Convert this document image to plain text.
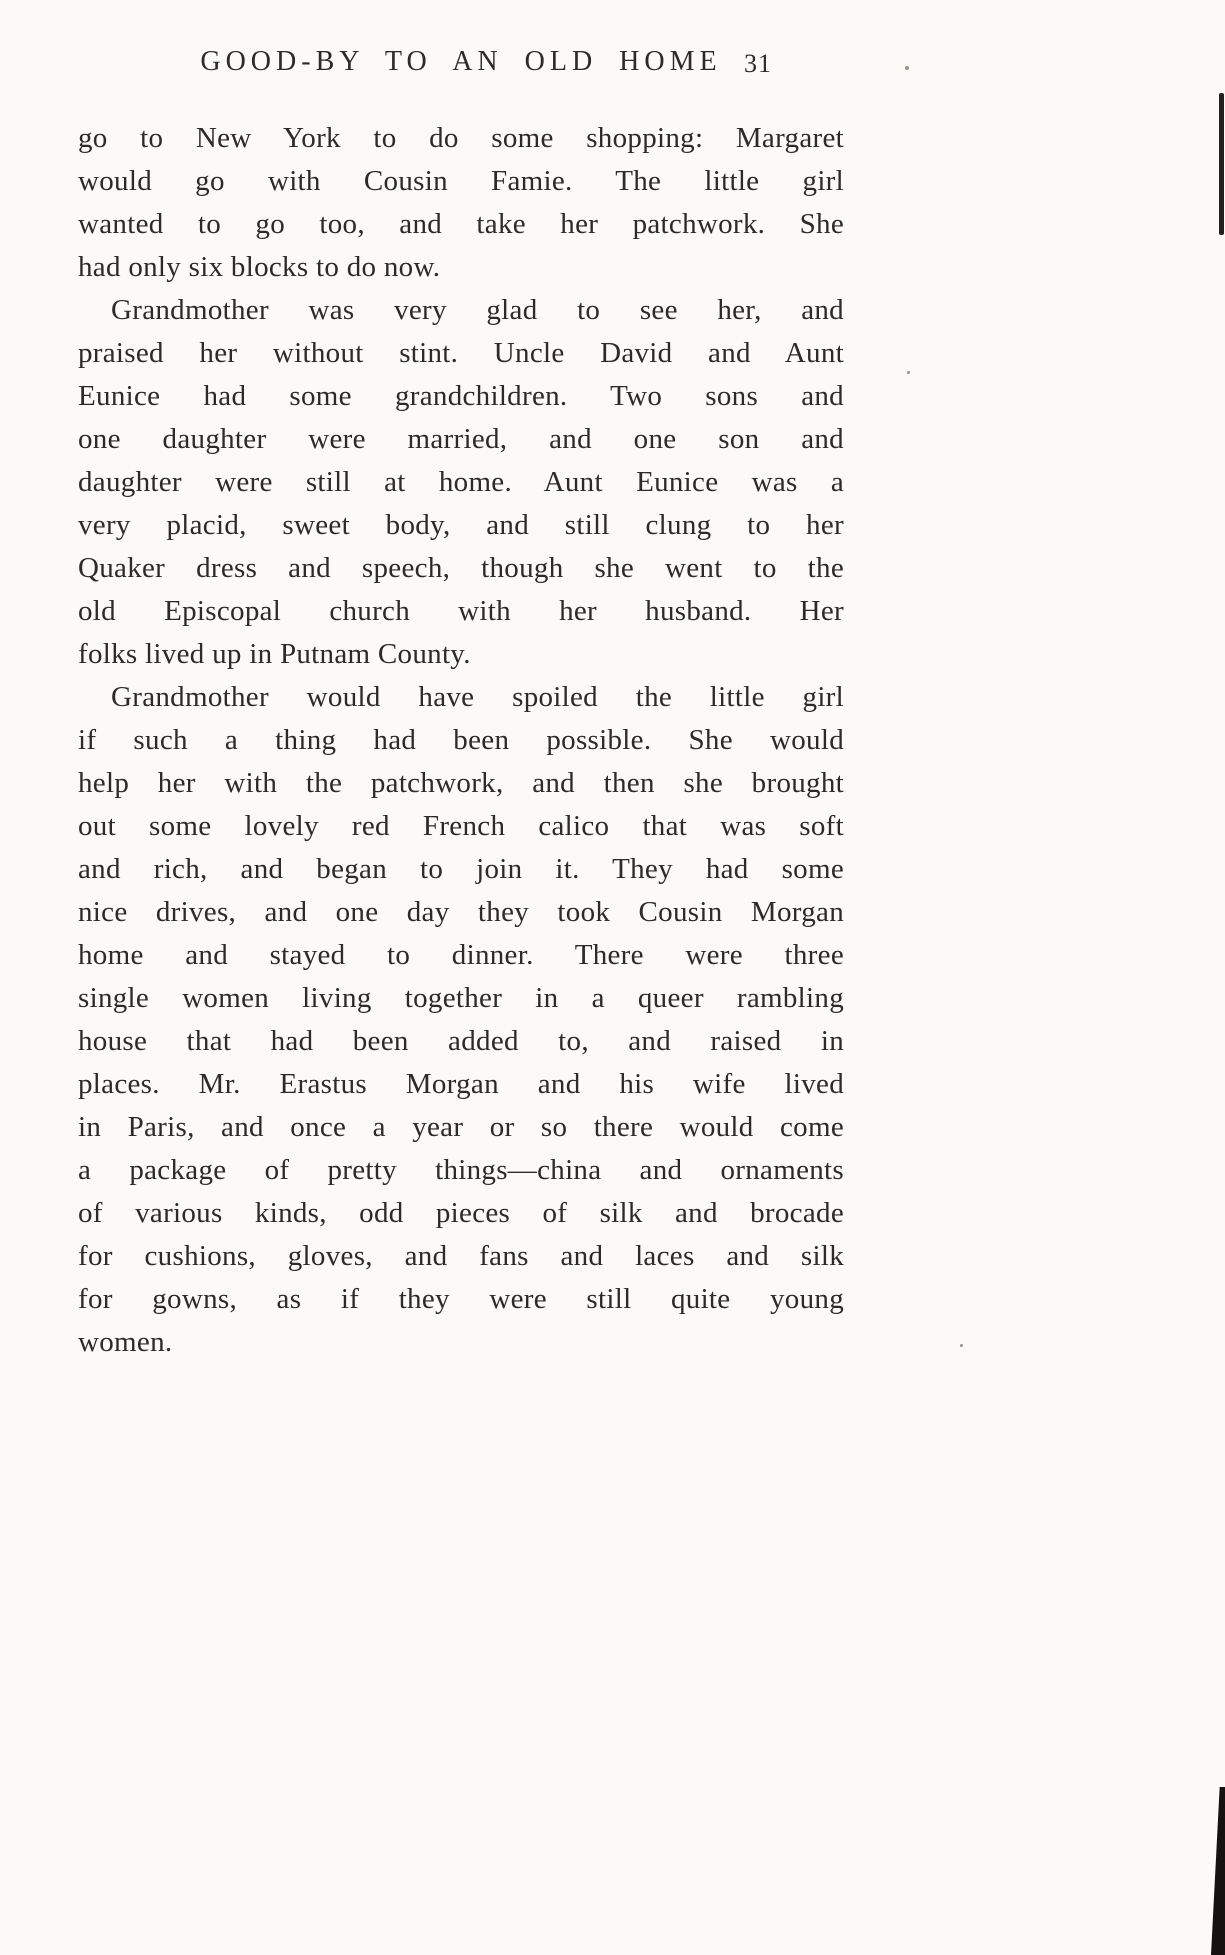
GOOD-BY TO AN OLD HOME 31
go to New York to do some shopping: Margaret
would go with Cousin Famie. The little girl
wanted to go too, and take her patchwork. She
had only six blocks to do now.
Grandmother was very glad to see her, and
praised her without stint. Uncle David and Aunt
Eunice had some grandchildren. Two sons and
one daughter were married, and one son and
daughter were still at home. Aunt Eunice was a
very placid, sweet body, and still clung to her
Quaker dress and speech, though she went to the
old Episcopal church with her husband. Her
folks lived up in Putnam County.
Grandmother would have spoiled the little girl
if such a thing had been possible. She would
help her with the patchwork, and then she brought
out some lovely red French calico that was soft
and rich, and began to join it. They had some
nice drives, and one day they took Cousin Morgan
home and stayed to dinner. There were three
single women living together in a queer rambling
house that had been added to, and raised in
places. Mr. Erastus Morgan and his wife lived
in Paris, and once a year or so there would come
a package of pretty things—china and ornaments
of various kinds, odd pieces of silk and brocade
for cushions, gloves, and fans and laces and silk
for gowns, as if they were still quite young
women.
